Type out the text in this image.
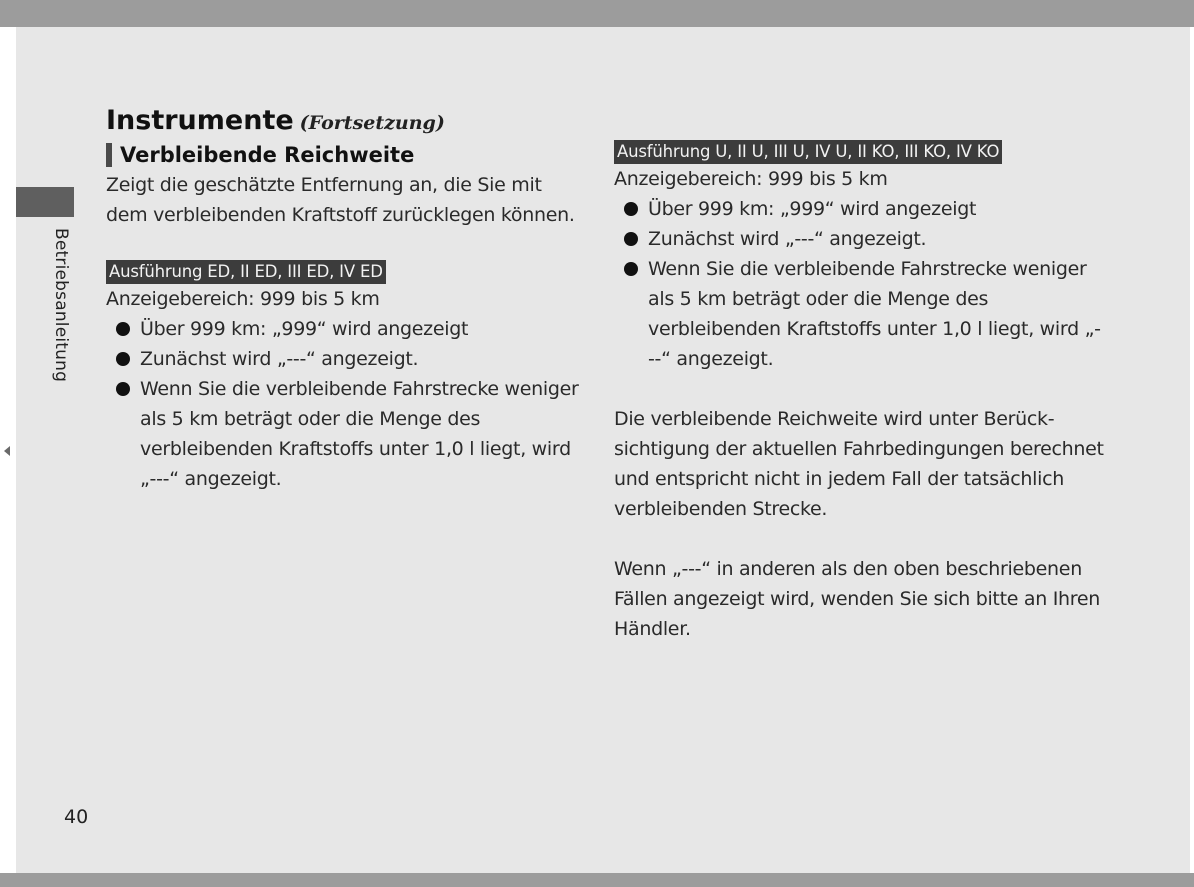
Betriebsanleitung
Instrumente (Fortsetzung)
Verbleibende Reichweite

Zeigt die geschätzte Entfernung an, die Sie mit dem verbleibenden Kraftstoff zurücklegen können.

Ausführung ED, II ED, III ED, IV ED

Anzeigebereich: 999 bis 5 km

Über 999 km: „999“ wird angezeigt
Zunächst wird „---“ angezeigt.
Wenn Sie die verbleibende Fahrstrecke weniger als 5 km beträgt oder die Menge des verbleibenden Kraftstoffs unter 1,0 l liegt, wird „---“ angezeigt.
Ausführung U, II U, III U, IV U, II KO, III KO, IV KO

Anzeigebereich: 999 bis 5 km

Über 999 km: „999“ wird angezeigt
Zunächst wird „---“ angezeigt.
Wenn Sie die verbleibende Fahrstrecke weniger als 5 km beträgt oder die Menge des verbleibenden Kraftstoffs unter 1,0 l liegt, wird „---“ angezeigt.

Die verbleibende Reichweite wird unter Berücksichtigung der aktuellen Fahrbedingungen berechnet und entspricht nicht in jedem Fall der tatsächlich verbleibenden Strecke.

Wenn „---“ in anderen als den oben beschriebenen Fällen angezeigt wird, wenden Sie sich bitte an Ihren Händler.

40
